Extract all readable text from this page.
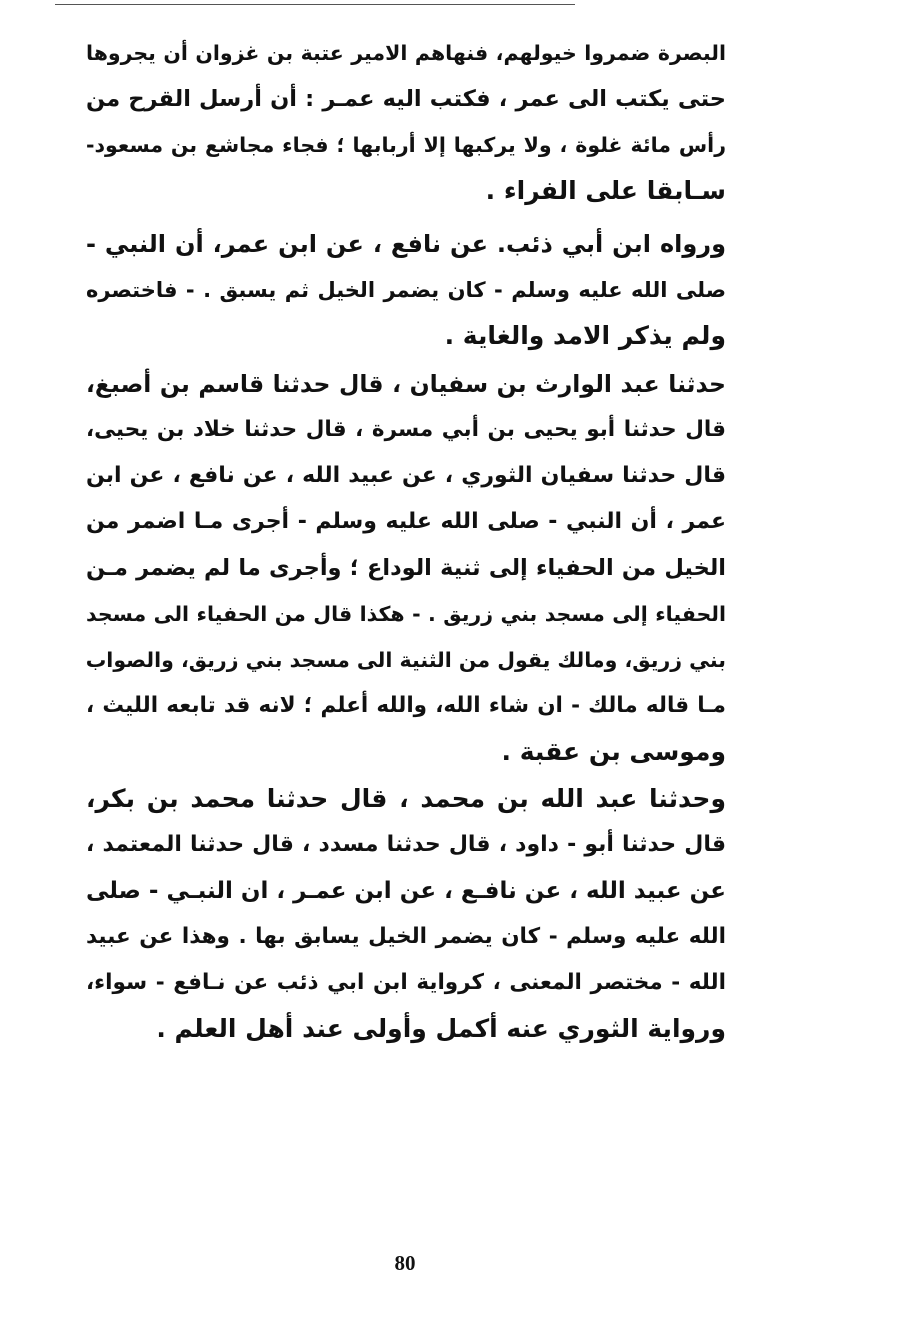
البصرة ضمروا خيولهم، فنهاهم الامير عتبة بن غزوان أن يجروها
حتى يكتب الى عمر ، فكتب اليه عمـر : أن أرسل القرح من
رأس مائة غلوة ، ولا يركبها إلا أربابها ؛ فجاء مجاشع بن مسعود-
سـابقا على الفراء .
ورواه ابن أبي ذئب. عن نافع ، عن ابن عمر، أن النبي -
صلى الله عليه وسلم - كان يضمر الخيل ثم يسبق . - فاختصره
ولم يذكر الامد والغاية .
حدثنا عبد الوارث بن سفيان ، قال حدثنا قاسم بن أصبغ،
قال حدثنا أبو يحيى بن أبي مسرة ، قال حدثنا خلاد بن يحيى،
قال حدثنا سفيان الثوري ، عن عبيد الله ، عن نافع ، عن ابن
عمر ، أن النبي - صلى الله عليه وسلم - أجرى مـا اضمر من
الخيل من الحفياء إلى ثنية الوداع ؛ وأجرى ما لم يضمر مـن
الحفياء إلى مسجد بني زريق . - هكذا قال من الحفياء الى مسجد
بني زريق، ومالك يقول من الثنية الى مسجد بني زريق، والصواب
مـا قاله مالك - ان شاء الله، والله أعلم ؛ لانه قد تابعه الليث ،
وموسى بن عقبة .
وحدثنا عبد الله بن محمد ، قال حدثنا محمد بن بكر،
قال حدثنا أبو - داود ، قال حدثنا مسدد ، قال حدثنا المعتمد ،
عن عبيد الله ، عن نافـع ، عن ابن عمـر ، ان النبـي - صلى
الله عليه وسلم - كان يضمر الخيل يسابق بها . وهذا عن عبيد
الله - مختصر المعنى ، كرواية ابن ابي ذئب عن نـافع - سواء،
ورواية الثوري عنه أكمل وأولى عند أهل العلم .
80
